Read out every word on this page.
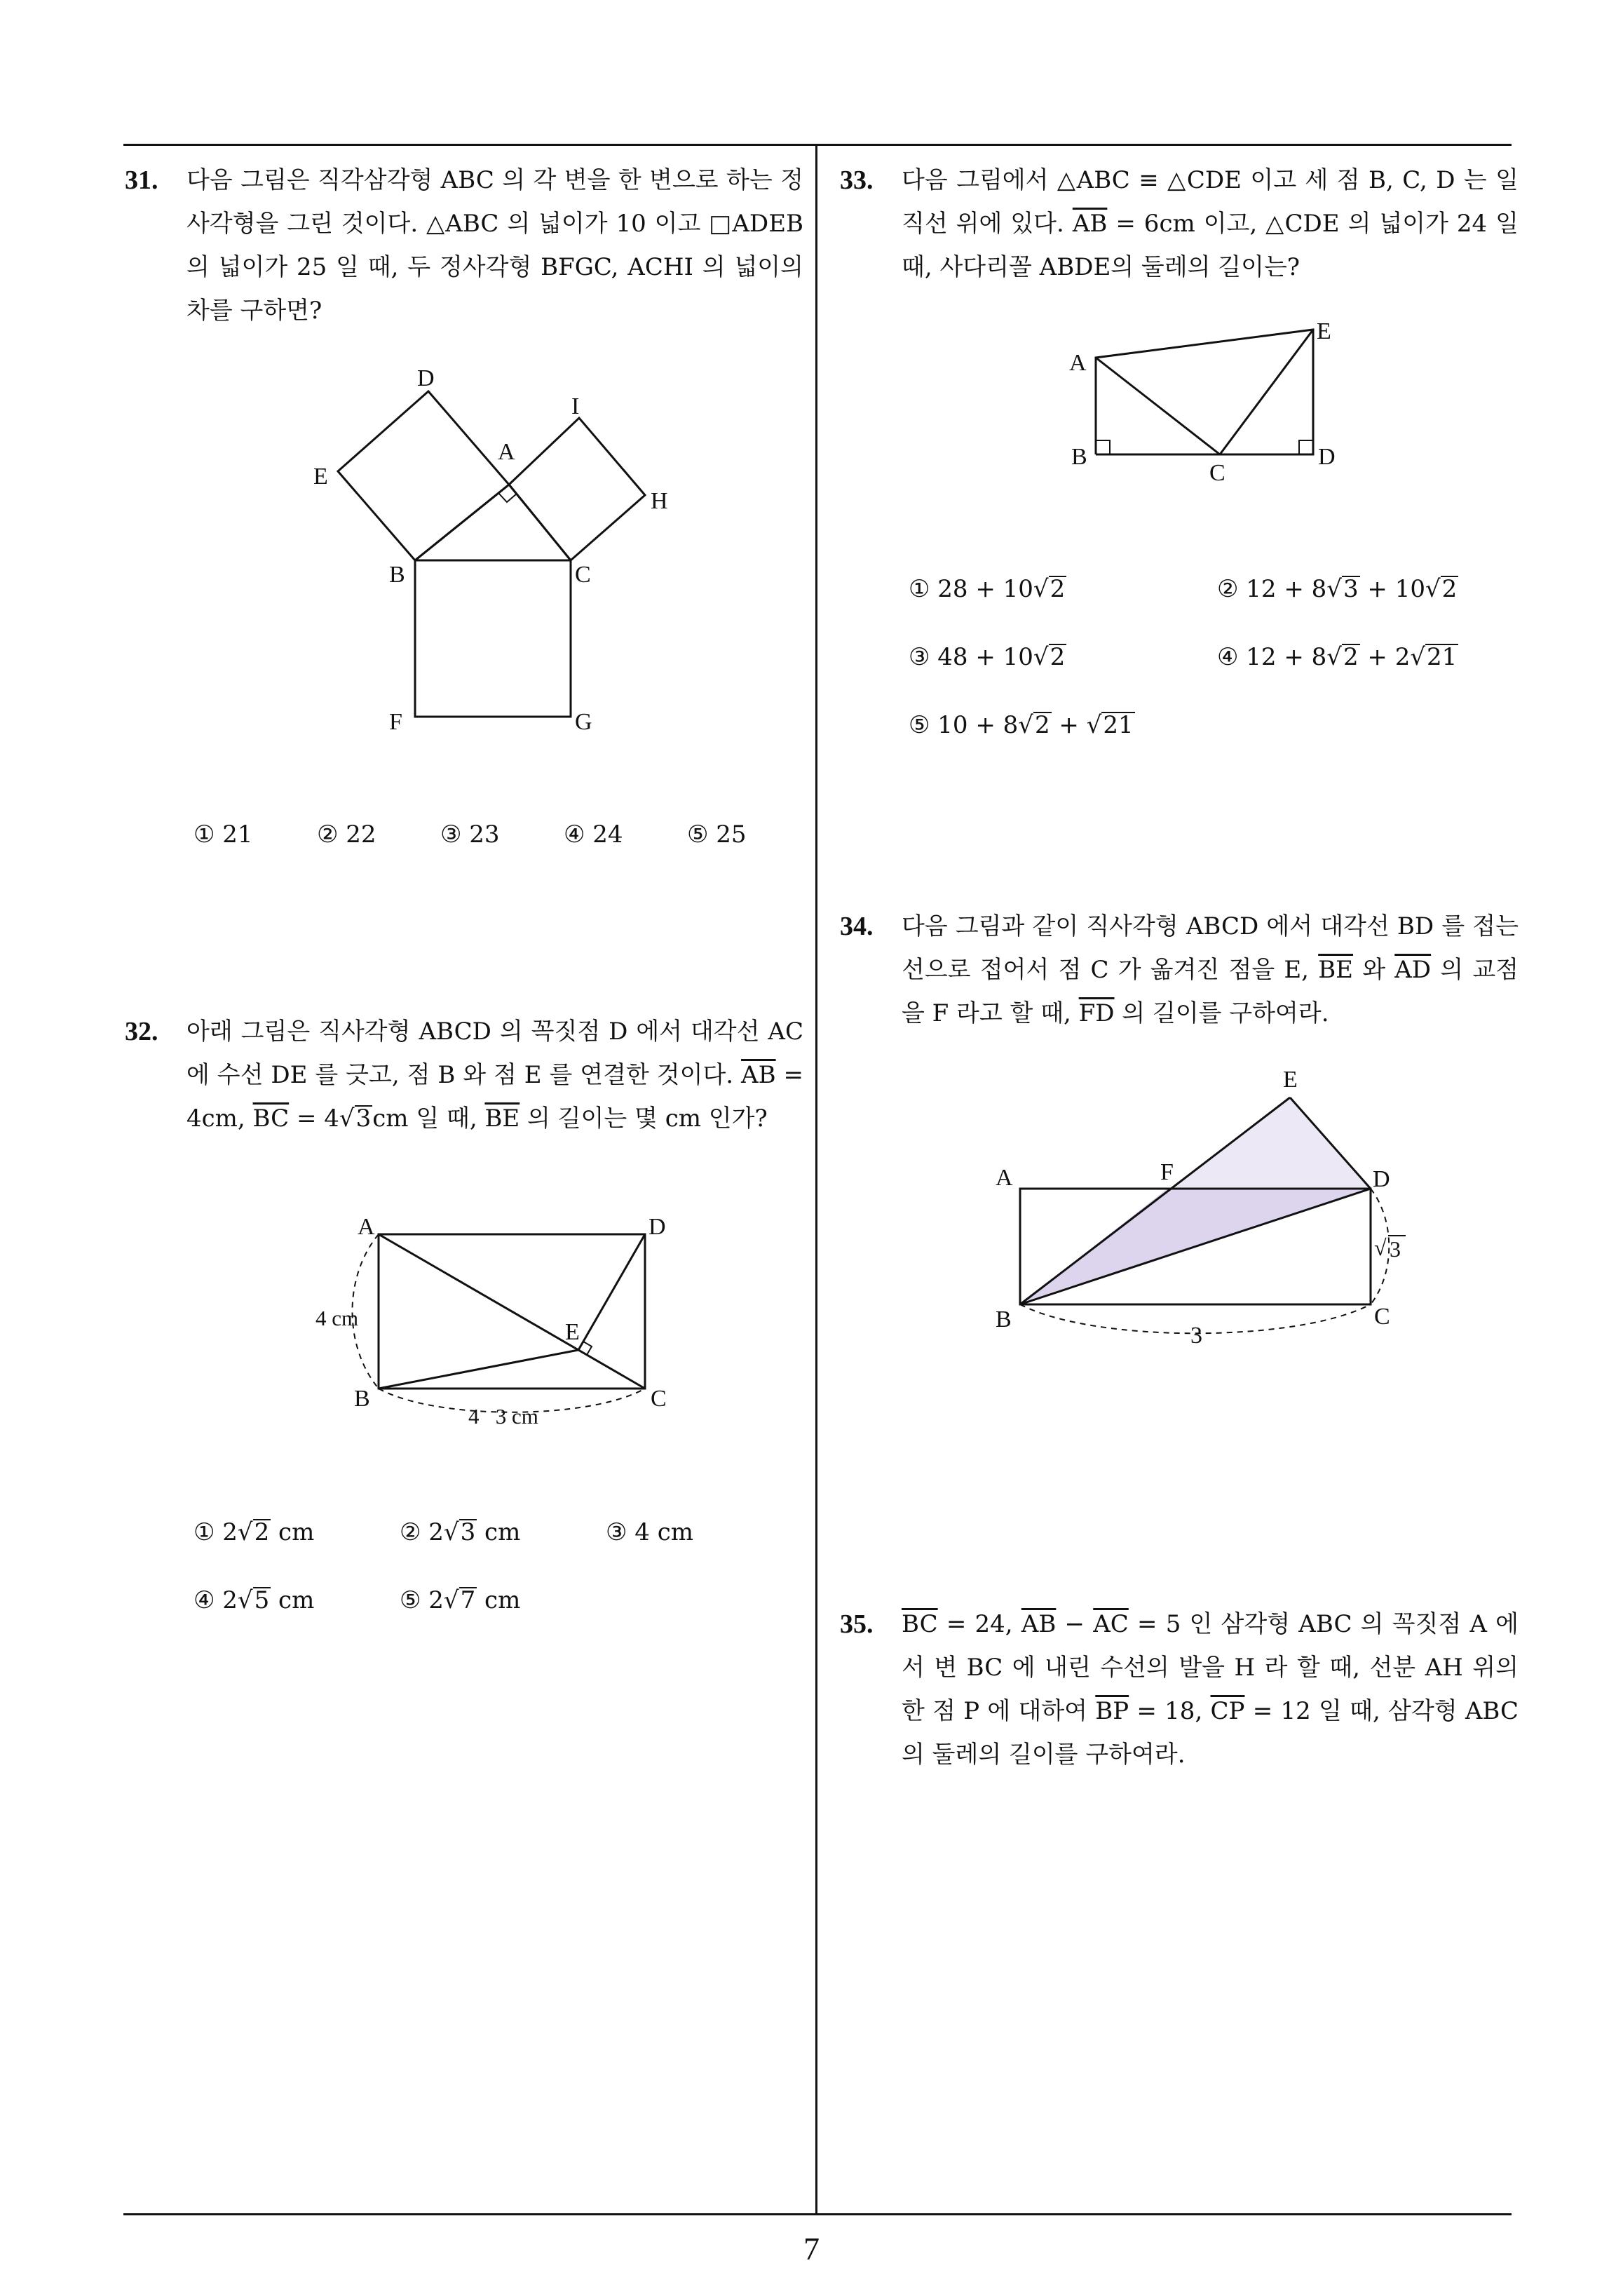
31. 다음 그림은 직각삼각형 ABC 의 각 변을 한 변으로 하는 정사각형을 그린 것이다. △ABC 의 넓이가 10 이고 □ADEB 의 넓이가 25 일 때, 두 정사각형 BFGC, ACHI 의 넓이의 차를 구하면?

D
I
A
E
H
B	C
F	G
① 21	② 22	③ 23	④ 24	⑤ 25
32. 아래 그림은 직사각형 ABCD 의 꼭짓점 D 에서 대각선 AC 에 수선 DE 를 긋고, 점 B 와 점 E 를 연결한 것이다. $\overline{AB} = 4cm$, $\overline{BC} = 4√3cm$ 일 때, $\overline{BE}$ 의 길이는 몇 cm 인가?

A	D
E
B	C
4 cm
4   3 cm
① 2√2 cm	② 2√3 cm	③ 4 cm
④ 2√5 cm	⑤ 2√7 cm
33. 다음 그림에서 △ABC ≡ △CDE 이고 세 점 B, C, D 는 일직선 위에 있다. $\overline{AB} = 6cm$ 이고, △CDE 의 넓이가 24 일 때, 사다리꼴 ABDE의 둘레의 길이는?

A
E
B
C
D
① 28 + 10√2	② 12 + 8√3 + 10√2
③ 48 + 10√2	④ 12 + 8√2 + 2√21
⑤ 10 + 8√2 + √21
34. 다음 그림과 같이 직사각형 ABCD 에서 대각선 BD 를 접는 선으로 접어서 점 C 가 옮겨진 점을 E, $\overline{BE}$ 와 $\overline{AD}$ 의 교점을 F 라고 할 때, $\overline{FD}$ 의 길이를 구하여라.

E
A	F	D
B	C
√ 3
3
35. $\overline{BC} = 24$, $\overline{AB} - \overline{AC} = 5$ 인 삼각형 ABC 의 꼭짓점 A 에서 변 BC 에 내린 수선의 발을 H 라 할 때, 선분 AH 위의 한 점 P 에 대하여 $\overline{BP} = 18$, $\overline{CP} = 12$ 일 때, 삼각형 ABC 의 둘레의 길이를 구하여라.

7
